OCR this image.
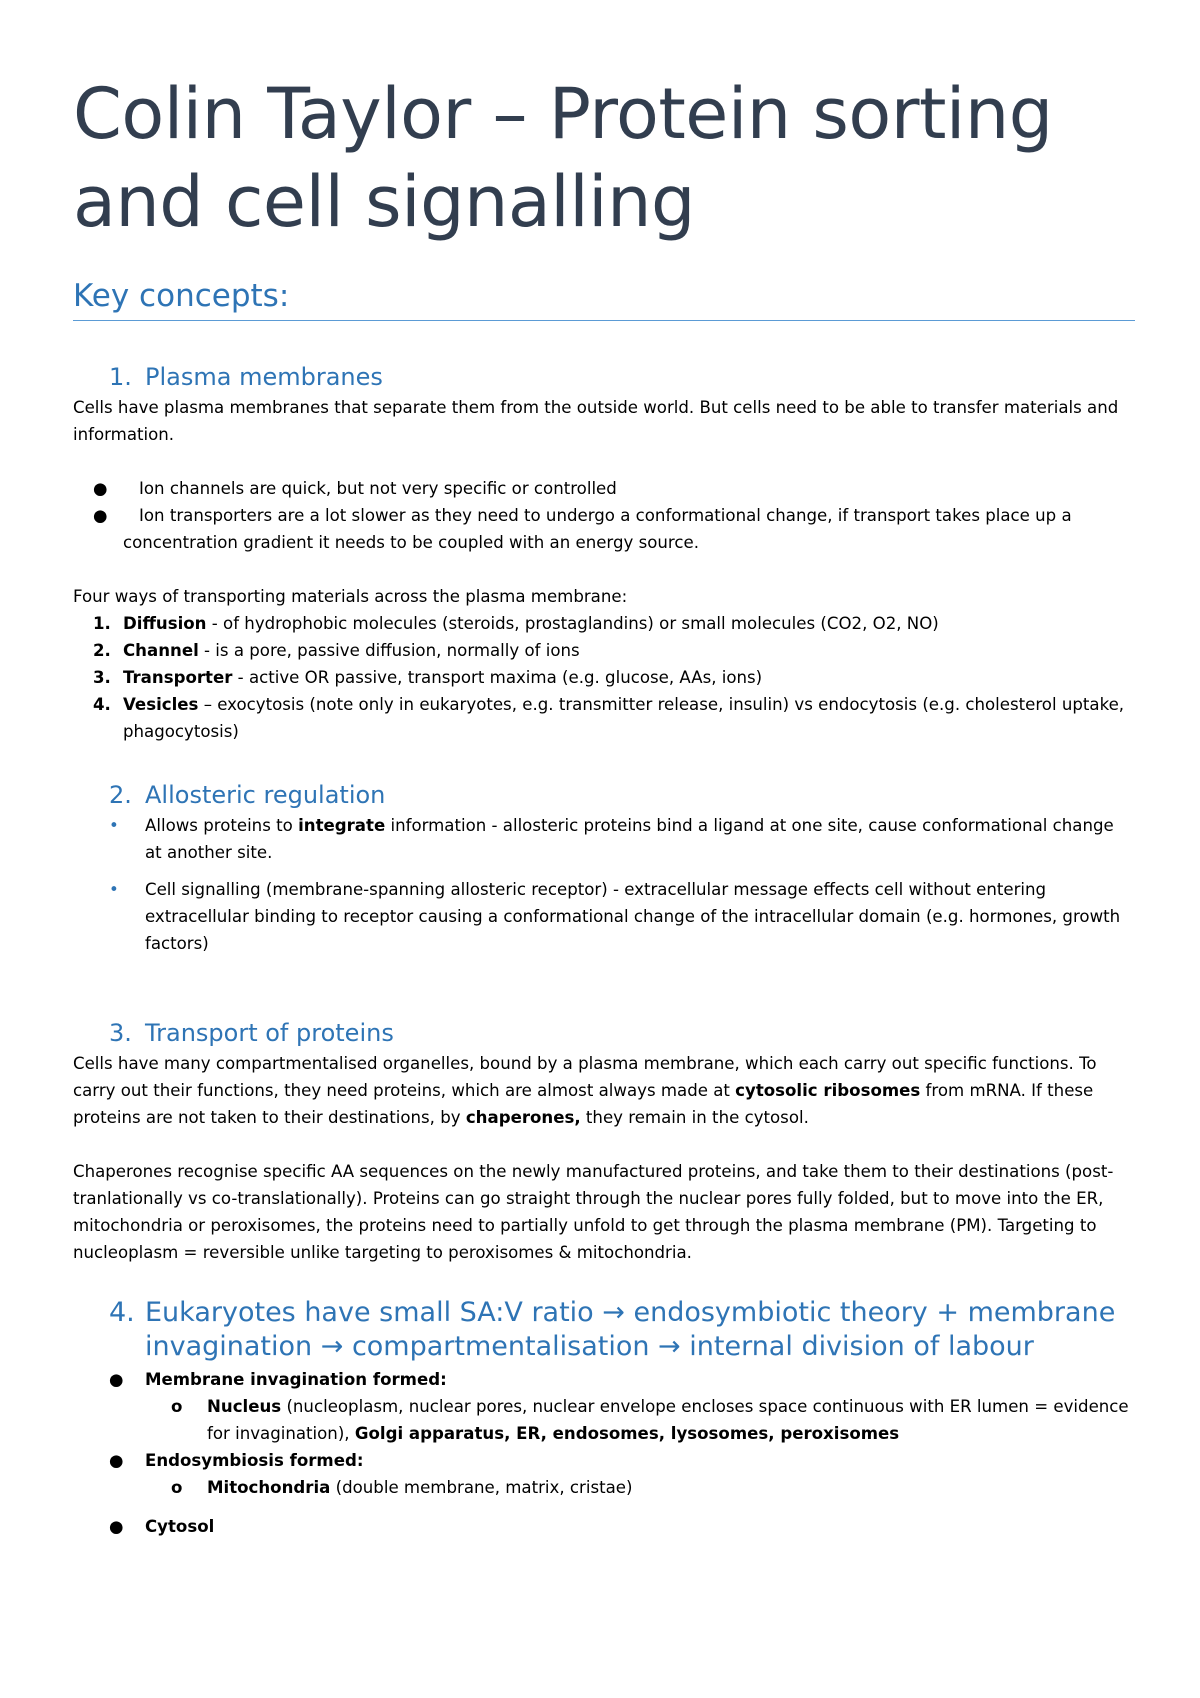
Colin Taylor – Protein sorting and cell signalling
Key concepts:
1. Plasma membranes

Cells have plasma membranes that separate them from the outside world. But cells need to be able to transfer materials and information.

●	Ion channels are quick, but not very specific or controlled
●	Ion transporters are a lot slower as they need to undergo a conformational change, if transport takes place up a concentration gradient it needs to be coupled with an energy source.

Four ways of transporting materials across the plasma membrane:

1. Diffusion - of hydrophobic molecules (steroids, prostaglandins) or small molecules (CO2, O2, NO)
2. Channel - is a pore, passive diffusion, normally of ions
3. Transporter - active OR passive, transport maxima (e.g. glucose, AAs, ions)
4. Vesicles – exocytosis (note only in eukaryotes, e.g. transmitter release, insulin) vs endocytosis (e.g. cholesterol uptake, phagocytosis)
2. Allosteric regulation
•	Allows proteins to integrate information - allosteric proteins bind a ligand at one site, cause conformational change at another site.
•	Cell signalling (membrane-spanning allosteric receptor) - extracellular message effects cell without entering extracellular binding to receptor causing a conformational change of the intracellular domain (e.g. hormones, growth factors)
3. Transport of proteins

Cells have many compartmentalised organelles, bound by a plasma membrane, which each carry out specific functions. To carry out their functions, they need proteins, which are almost always made at cytosolic ribosomes from mRNA. If these proteins are not taken to their destinations, by chaperones, they remain in the cytosol.

Chaperones recognise specific AA sequences on the newly manufactured proteins, and take them to their destinations (post-tranlationally vs co-translationally). Proteins can go straight through the nuclear pores fully folded, but to move into the ER, mitochondria or peroxisomes, the proteins need to partially unfold to get through the plasma membrane (PM). Targeting to nucleoplasm = reversible unlike targeting to peroxisomes & mitochondria.

4. Eukaryotes have small SA:V ratio → endosymbiotic theory + membrane invagination → compartmentalisation → internal division of labour
●	Membrane invagination formed:
o	Nucleus (nucleoplasm, nuclear pores, nuclear envelope encloses space continuous with ER lumen = evidence for invagination), Golgi apparatus, ER, endosomes, lysosomes, peroxisomes
●	Endosymbiosis formed:
o	Mitochondria (double membrane, matrix, cristae)
●	Cytosol
